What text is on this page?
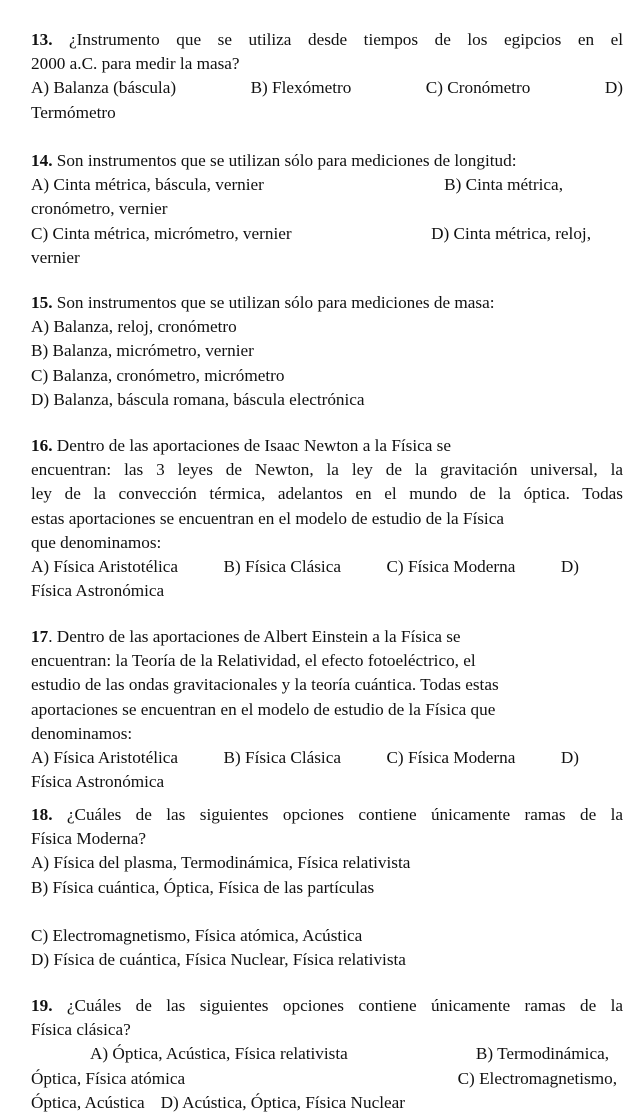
13. ¿Instrumento que se utiliza desde tiempos de los egipcios en el
2000 a.C. para medir la masa?
A) Balanza (báscula)	B) Flexómetro	C) Cronómetro	D)
Termómetro
14. Son instrumentos que se utilizan sólo para mediciones de longitud:
A) Cinta métrica, báscula, vernier	B) Cinta métrica,
cronómetro, vernier
C) Cinta métrica, micrómetro, vernier	D) Cinta métrica, reloj,
vernier
15. Son instrumentos que se utilizan sólo para mediciones de masa:
A) Balanza, reloj, cronómetro
B) Balanza, micrómetro, vernier
C) Balanza, cronómetro, micrómetro
D) Balanza, báscula romana, báscula electrónica
16. Dentro de las aportaciones de Isaac Newton a la Física se
encuentran: las 3 leyes de Newton, la ley de la gravitación universal, la
ley de la convección térmica, adelantos en el mundo de la óptica. Todas
estas aportaciones se encuentran en el modelo de estudio de la Física
que denominamos:
A) Física Aristotélica	B) Física Clásica	C) Física Moderna	D)
Física Astronómica
17. Dentro de las aportaciones de Albert Einstein a la Física se
encuentran: la Teoría de la Relatividad, el efecto fotoeléctrico, el
estudio de las ondas gravitacionales y la teoría cuántica. Todas estas
aportaciones se encuentran en el modelo de estudio de la Física que
denominamos:
A) Física Aristotélica	B) Física Clásica	C) Física Moderna	D)
Física Astronómica
18. ¿Cuáles de las siguientes opciones contiene únicamente ramas de la
Física Moderna?
A) Física del plasma, Termodinámica, Física relativista
B) Física cuántica, Óptica, Física de las partículas
C) Electromagnetismo, Física atómica, Acústica
D) Física de cuántica, Física Nuclear, Física relativista
19. ¿Cuáles de las siguientes opciones contiene únicamente ramas de la
Física clásica?
A) Óptica, Acústica, Física relativista	B) Termodinámica,
Óptica, Física atómica	C) Electromagnetismo,
Óptica, Acústica D) Acústica, Óptica, Física Nuclear
